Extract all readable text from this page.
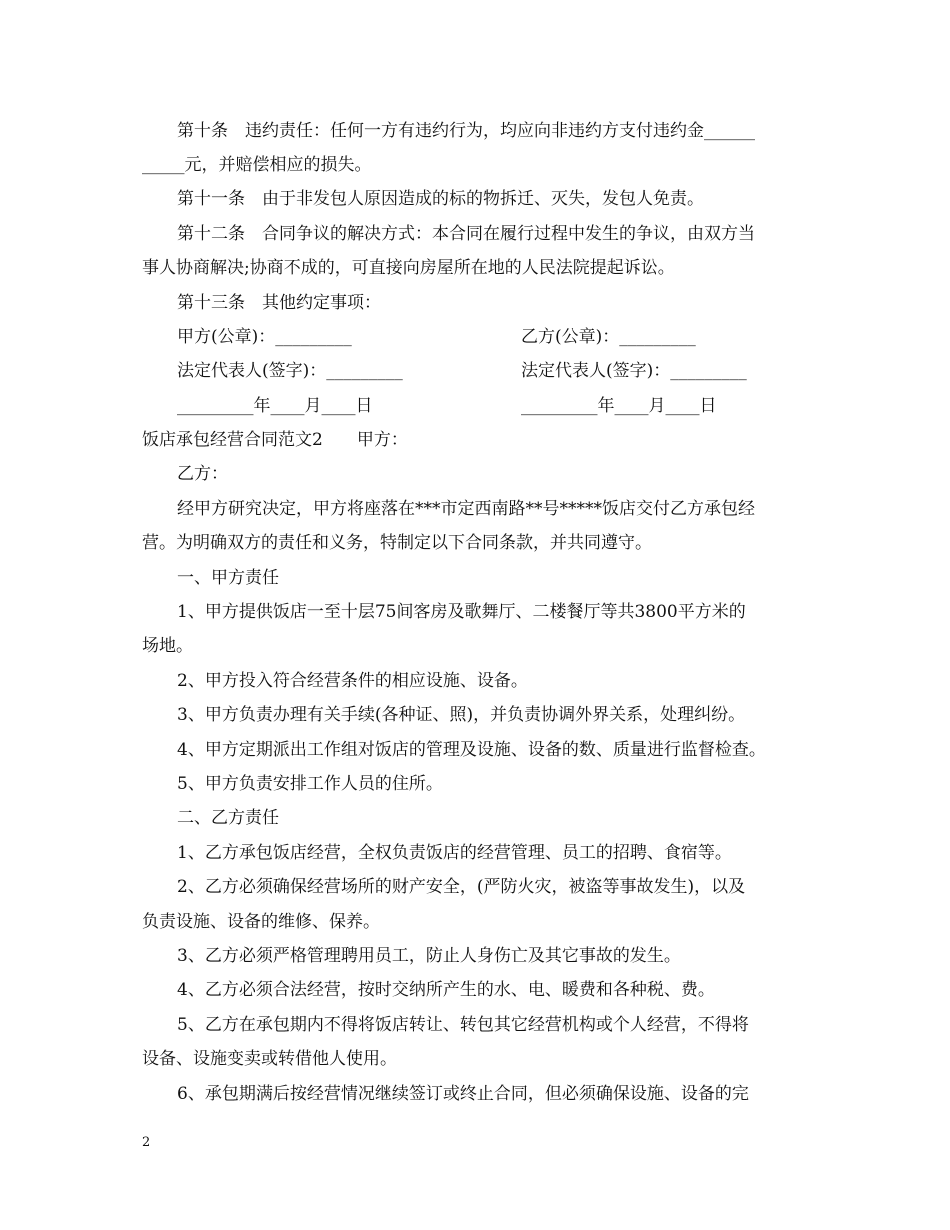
第十条　违约责任：任何一方有违约行为，均应向非违约方支付违约金______
_____元，并赔偿相应的损失。
第十一条　由于非发包人原因造成的标的物拆迁、灭失，发包人免责。
第十二条　合同争议的解决方式：本合同在履行过程中发生的争议，由双方当
事人协商解决;协商不成的，可直接向房屋所在地的人民法院提起诉讼。
第十三条　其他约定事项：
甲方(公章)：_________	乙方(公章)：_________
法定代表人(签字)：_________	法定代表人(签字)：_________
_________年____月____日	_________年____月____日
饭店承包经营合同范文2　　甲方：
乙方：
经甲方研究决定，甲方将座落在***市定西南路**号*****饭店交付乙方承包经
营。为明确双方的责任和义务，特制定以下合同条款，并共同遵守。
一、甲方责任
1、甲方提供饭店一至十层75间客房及歌舞厅、二楼餐厅等共3800平方米的
场地。
2、甲方投入符合经营条件的相应设施、设备。
3、甲方负责办理有关手续(各种证、照)，并负责协调外界关系，处理纠纷。
4、甲方定期派出工作组对饭店的管理及设施、设备的数、质量进行监督检查。
5、甲方负责安排工作人员的住所。
二、乙方责任
1、乙方承包饭店经营，全权负责饭店的经营管理、员工的招聘、食宿等。
2、乙方必须确保经营场所的财产安全，(严防火灾，被盗等事故发生)，以及
负责设施、设备的维修、保养。
3、乙方必须严格管理聘用员工，防止人身伤亡及其它事故的发生。
4、乙方必须合法经营，按时交纳所产生的水、电、暖费和各种税、费。
5、乙方在承包期内不得将饭店转让、转包其它经营机构或个人经营，不得将
设备、设施变卖或转借他人使用。
6、承包期满后按经营情况继续签订或终止合同，但必须确保设施、设备的完
2
